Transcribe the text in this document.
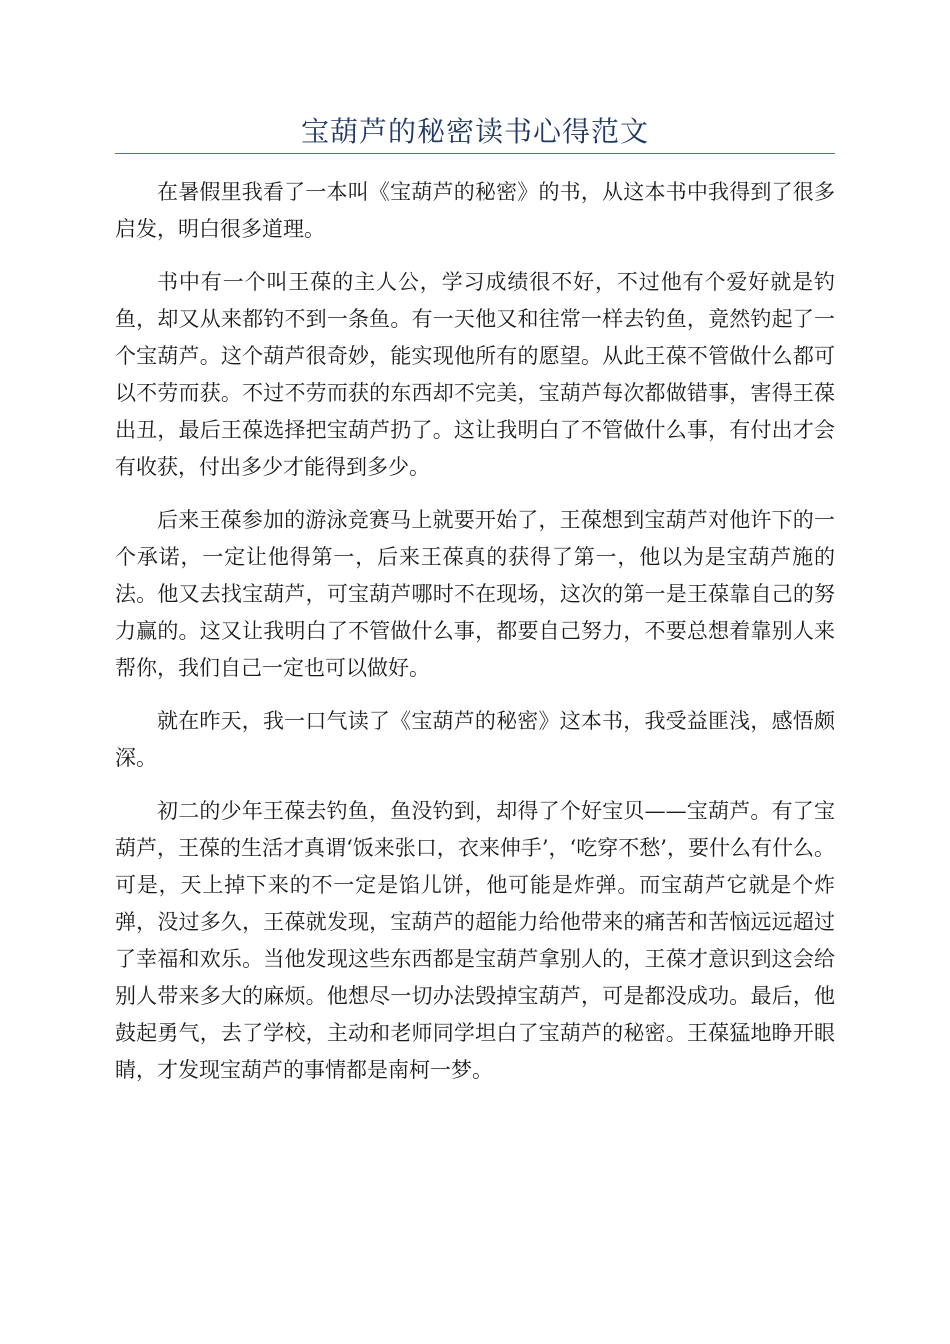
宝葫芦的秘密读书心得范文

在暑假里我看了一本叫《宝葫芦的秘密》的书，从这本书中我得到了很多启发，明白很多道理。

书中有一个叫王葆的主人公，学习成绩很不好，不过他有个爱好就是钓鱼，却又从来都钓不到一条鱼。有一天他又和往常一样去钓鱼，竟然钓起了一个宝葫芦。这个葫芦很奇妙，能实现他所有的愿望。从此王葆不管做什么都可以不劳而获。不过不劳而获的东西却不完美，宝葫芦每次都做错事，害得王葆出丑，最后王葆选择把宝葫芦扔了。这让我明白了不管做什么事，有付出才会有收获，付出多少才能得到多少。

后来王葆参加的游泳竞赛马上就要开始了，王葆想到宝葫芦对他许下的一个承诺，一定让他得第一，后来王葆真的获得了第一，他以为是宝葫芦施的法。他又去找宝葫芦，可宝葫芦哪时不在现场，这次的第一是王葆靠自己的努力赢的。这又让我明白了不管做什么事，都要自己努力，不要总想着靠别人来帮你，我们自己一定也可以做好。

就在昨天，我一口气读了《宝葫芦的秘密》这本书，我受益匪浅，感悟颇深。

初二的少年王葆去钓鱼，鱼没钓到，却得了个好宝贝——宝葫芦。有了宝葫芦，王葆的生活才真谓‘饭来张口，衣来伸手’，‘吃穿不愁’，要什么有什么。可是，天上掉下来的不一定是馅儿饼，他可能是炸弹。而宝葫芦它就是个炸弹，没过多久，王葆就发现，宝葫芦的超能力给他带来的痛苦和苦恼远远超过了幸福和欢乐。当他发现这些东西都是宝葫芦拿别人的，王葆才意识到这会给别人带来多大的麻烦。他想尽一切办法毁掉宝葫芦，可是都没成功。最后，他鼓起勇气，去了学校，主动和老师同学坦白了宝葫芦的秘密。王葆猛地睁开眼睛，才发现宝葫芦的事情都是南柯一梦。
